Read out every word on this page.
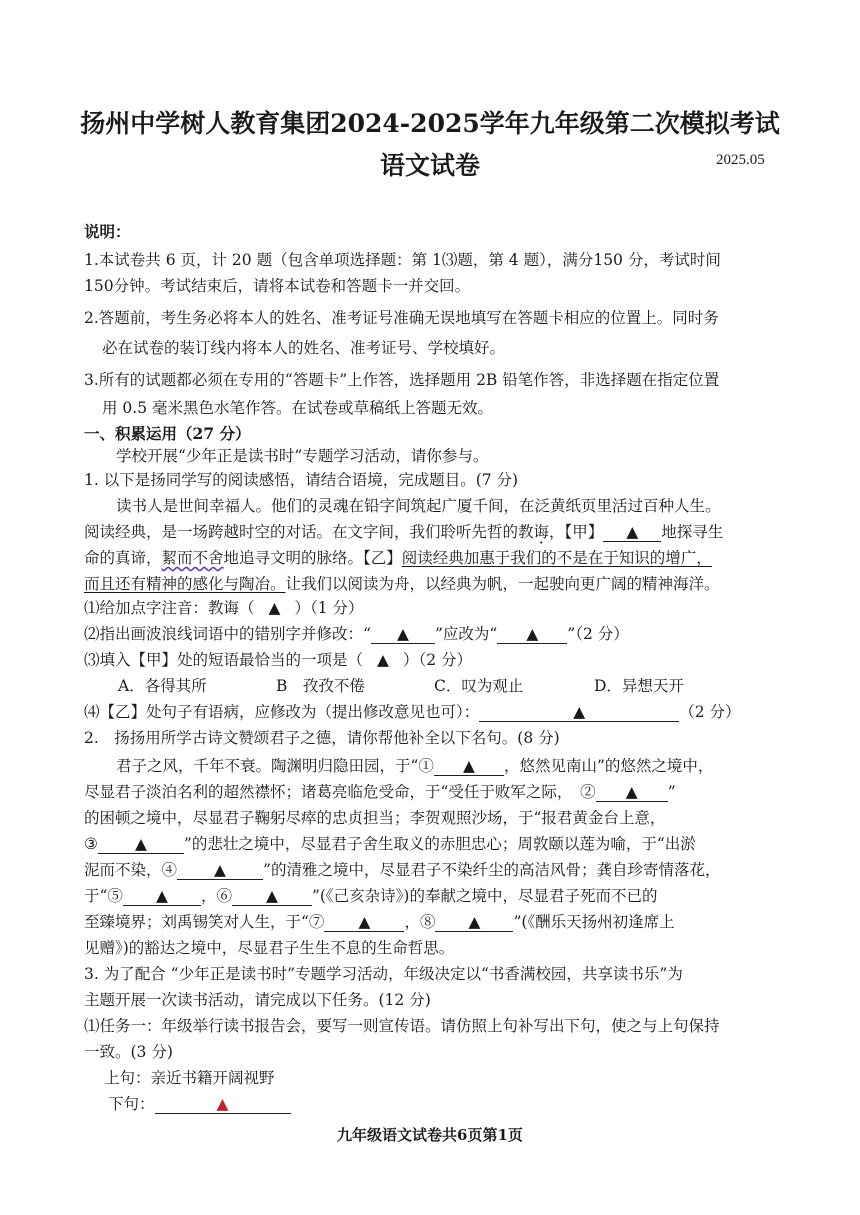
扬州中学树人教育集团2024-2025学年九年级第二次模拟考试
语文试卷	2025.05
说明：
1.本试卷共 6 页，计 20 题（包含单项选择题：第 1⑶题，第 4 题），满分150 分，考试时间
150分钟。考试结束后，请将本试卷和答题卡一并交回。
2.答题前，考生务必将本人的姓名、准考证号准确无误地填写在答题卡相应的位置上。同时务
必在试卷的装订线内将本人的姓名、准考证号、学校填好。
3.所有的试题都必须在专用的“答题卡”上作答，选择题用 2B 铅笔作答，非选择题在指定位置
用 0.5 毫米黑色水笔作答。在试卷或草稿纸上答题无效。
一、积累运用（27 分）
学校开展“少年正是读书时”专题学习活动，请你参与。
1. 以下是扬同学写的阅读感悟，请结合语境，完成题目。(7 分)
读书人是世间幸福人。他们的灵魂在铅字间筑起广厦千间，在泛黄纸页里活过百种人生。
阅读经典，是一场跨越时空的对话。在文字间，我们聆听先哲的教诲，【甲】 ▲ 地探寻生
命的真谛，絜而不舍地追寻文明的脉络。【乙】阅读经典加惠于我们的不是在于知识的增广，
而且还有精神的感化与陶冶。让我们以阅读为舟，以经典为帆，一起驶向更广阔的精神海洋。
⑴给加点字注音：教诲（ ▲ ）（1 分）
⑵指出画波浪线词语中的错别字并修改：“ ▲ ”应改为“ ▲ ”（2 分）
⑶填入【甲】处的短语最恰当的一项是（ ▲ ）（2 分）
A．各得其所	B　孜孜不倦	C．叹为观止	D．异想天开
⑷【乙】处句子有语病，应修改为（提出修改意见也可）：	▲	（2 分）
2.　扬扬用所学古诗文赞颂君子之德，请你帮他补全以下名句。(8 分)
君子之风，千年不衰。陶渊明归隐田园，于“① ▲ ，悠然见南山”的悠然之境中，
尽显君子淡泊名利的超然襟怀；诸葛亮临危受命，于“受任于败军之际，　② ▲ ”
的困顿之境中，尽显君子鞠躬尽瘁的忠贞担当；李贺观照沙场，于“报君黄金台上意，
③ ▲ ”的悲壮之境中，尽显君子舍生取义的赤胆忠心；周敦颐以莲为喻，于“出淤
泥而不染，④ ▲ ”的清雅之境中，尽显君子不染纤尘的高洁风骨；龚自珍寄情落花，
于“⑤ ▲ ，⑥ ▲ ”(《己亥杂诗》)的奉献之境中，尽显君子死而不已的
至臻境界；刘禹锡笑对人生，于“⑦ ▲ ，⑧ ▲ ”(《酬乐天扬州初逢席上
见赠》)的豁达之境中，尽显君子生生不息的生命哲思。
3. 为了配合 “少年正是读书时”专题学习活动，年级决定以“书香满校园，共享读书乐”为
主题开展一次读书活动，请完成以下任务。(12 分)
⑴任务一：年级举行读书报告会，要写一则宣传语。请仿照上句补写出下句，使之与上句保持
一致。(3 分)
上句：亲近书籍开阔视野
下句：	▲
九年级语文试卷共6页第1页
